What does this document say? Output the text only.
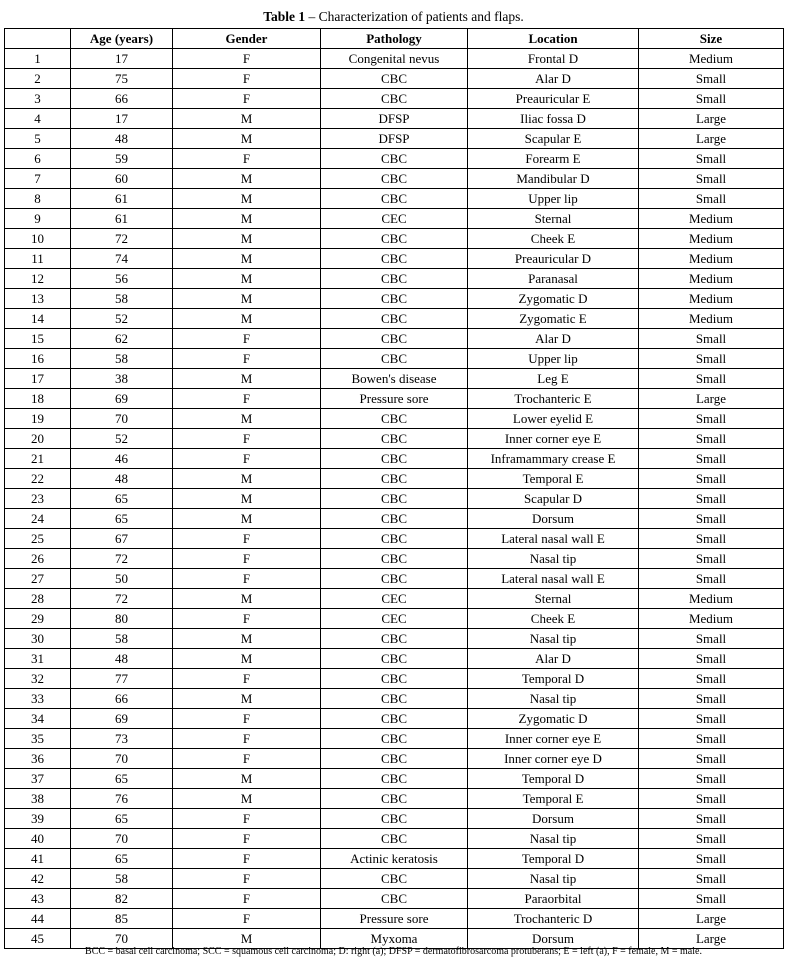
Table 1 – Characterization of patients and flaps.
	Age (years)	Gender	Pathology	Location	Size
1	17	F	Congenital nevus	Frontal D	Medium
2	75	F	CBC	Alar D	Small
3	66	F	CBC	Preauricular E	Small
4	17	M	DFSP	Iliac fossa D	Large
5	48	M	DFSP	Scapular E	Large
6	59	F	CBC	Forearm E	Small
7	60	M	CBC	Mandibular D	Small
8	61	M	CBC	Upper lip	Small
9	61	M	CEC	Sternal	Medium
10	72	M	CBC	Cheek E	Medium
11	74	M	CBC	Preauricular D	Medium
12	56	M	CBC	Paranasal	Medium
13	58	M	CBC	Zygomatic D	Medium
14	52	M	CBC	Zygomatic E	Medium
15	62	F	CBC	Alar D	Small
16	58	F	CBC	Upper lip	Small
17	38	M	Bowen's disease	Leg E	Small
18	69	F	Pressure sore	Trochanteric E	Large
19	70	M	CBC	Lower eyelid E	Small
20	52	F	CBC	Inner corner eye E	Small
21	46	F	CBC	Inframammary crease E	Small
22	48	M	CBC	Temporal E	Small
23	65	M	CBC	Scapular D	Small
24	65	M	CBC	Dorsum	Small
25	67	F	CBC	Lateral nasal wall E	Small
26	72	F	CBC	Nasal tip	Small
27	50	F	CBC	Lateral nasal wall E	Small
28	72	M	CEC	Sternal	Medium
29	80	F	CEC	Cheek E	Medium
30	58	M	CBC	Nasal tip	Small
31	48	M	CBC	Alar D	Small
32	77	F	CBC	Temporal D	Small
33	66	M	CBC	Nasal tip	Small
34	69	F	CBC	Zygomatic D	Small
35	73	F	CBC	Inner corner eye E	Small
36	70	F	CBC	Inner corner eye D	Small
37	65	M	CBC	Temporal D	Small
38	76	M	CBC	Temporal E	Small
39	65	F	CBC	Dorsum	Small
40	70	F	CBC	Nasal tip	Small
41	65	F	Actinic keratosis	Temporal D	Small
42	58	F	CBC	Nasal tip	Small
43	82	F	CBC	Paraorbital	Small
44	85	F	Pressure sore	Trochanteric D	Large
45	70	M	Myxoma	Dorsum	Large
BCC = basal cell carcinoma; SCC = squamous cell carcinoma; D: right (a); DFSP = dermatofibrosarcoma protuberans; E = left (a), F = female, M = male.
